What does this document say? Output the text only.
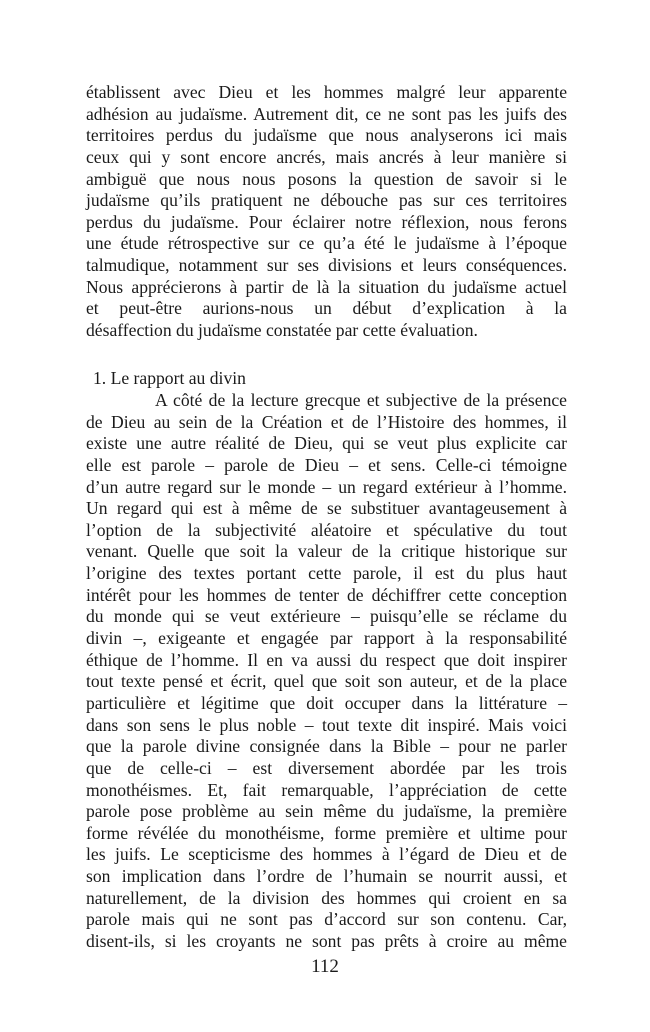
établissent avec Dieu et les hommes malgré leur apparente
adhésion au judaïsme. Autrement dit, ce ne sont pas les juifs des
territoires perdus du judaïsme que nous analyserons ici mais
ceux qui y sont encore ancrés, mais ancrés à leur manière si
ambiguë que nous nous posons la question de savoir si le
judaïsme qu’ils pratiquent ne débouche pas sur ces territoires
perdus du judaïsme. Pour éclairer notre réflexion, nous ferons
une étude rétrospective sur ce qu’a été le judaïsme à l’époque
talmudique, notamment sur ses divisions et leurs conséquences.
Nous apprécierons à partir de là la situation du judaïsme actuel
et peut-être aurions-nous un début d’explication à la
désaffection du judaïsme constatée par cette évaluation.
1. Le rapport au divin
A côté de la lecture grecque et subjective de la présence
de Dieu au sein de la Création et de l’Histoire des hommes, il
existe une autre réalité de Dieu, qui se veut plus explicite car
elle est parole – parole de Dieu – et sens. Celle-ci témoigne
d’un autre regard sur le monde – un regard extérieur à l’homme.
Un regard qui est à même de se substituer avantageusement à
l’option de la subjectivité aléatoire et spéculative du tout
venant. Quelle que soit la valeur de la critique historique sur
l’origine des textes portant cette parole, il est du plus haut
intérêt pour les hommes de tenter de déchiffrer cette conception
du monde qui se veut extérieure – puisqu’elle se réclame du
divin –, exigeante et engagée par rapport à la responsabilité
éthique de l’homme. Il en va aussi du respect que doit inspirer
tout texte pensé et écrit, quel que soit son auteur, et de la place
particulière et légitime que doit occuper dans la littérature –
dans son sens le plus noble – tout texte dit inspiré. Mais voici
que la parole divine consignée dans la Bible – pour ne parler
que de celle-ci – est diversement abordée par les trois
monothéismes. Et, fait remarquable, l’appréciation de cette
parole pose problème au sein même du judaïsme, la première
forme révélée du monothéisme, forme première et ultime pour
les juifs. Le scepticisme des hommes à l’égard de Dieu et de
son implication dans l’ordre de l’humain se nourrit aussi, et
naturellement, de la division des hommes qui croient en sa
parole mais qui ne sont pas d’accord sur son contenu. Car,
disent-ils, si les croyants ne sont pas prêts à croire au même
112
